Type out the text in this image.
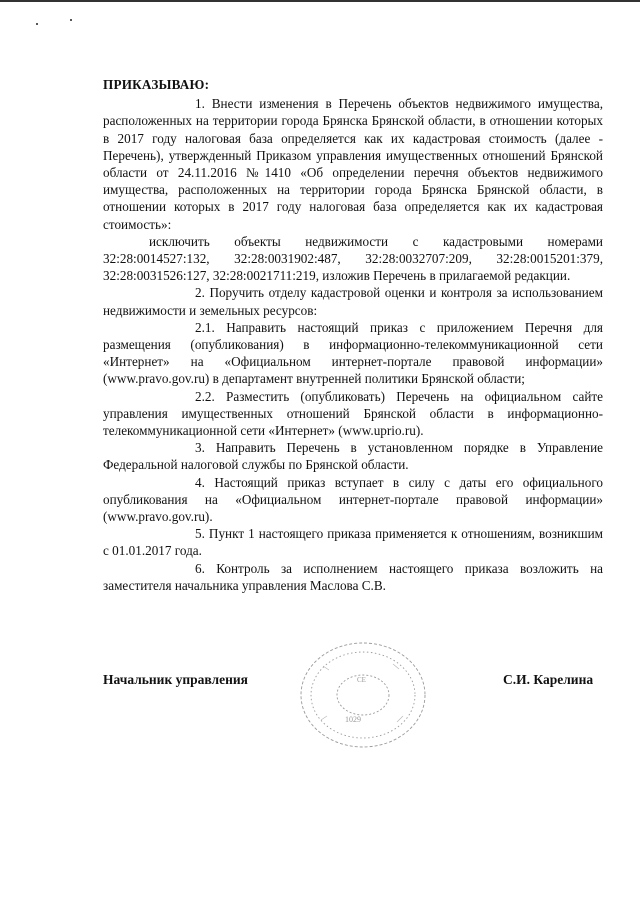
ПРИКАЗЫВАЮ:

1. Внести изменения в Перечень объектов недвижимого имущества, расположенных на территории города Брянска Брянской области, в отношении которых в 2017 году налоговая база определяется как их кадастровая стоимость (далее - Перечень), утвержденный Приказом управления имущественных отношений Брянской области от 24.11.2016 №1410 «Об определении перечня объектов недвижимого имущества, расположенных на территории города Брянска Брянской области, в отношении которых в 2017 году налоговая база определяется как их кадастровая стоимость»:

исключить объекты недвижимости с кадастровыми номерами 32:28:0014527:132, 32:28:0031902:487, 32:28:0032707:209, 32:28:0015201:379, 32:28:0031526:127, 32:28:0021711:219, изложив Перечень в прилагаемой редакции.

2. Поручить отделу кадастровой оценки и контроля за использованием недвижимости и земельных ресурсов:

2.1. Направить настоящий приказ с приложением Перечня для размещения (опубликования) в информационно-телекоммуникационной сети «Интернет» на «Официальном интернет-портале правовой информации» (www.pravo.gov.ru) в департамент внутренней политики Брянской области;

2.2. Разместить (опубликовать) Перечень на официальном сайте управления имущественных отношений Брянской области в информационно-телекоммуникационной сети «Интернет» (www.uprio.ru).

3. Направить Перечень в установленном порядке в Управление Федеральной налоговой службы по Брянской области.

4. Настоящий приказ вступает в силу с даты его официального опубликования на «Официальном интернет-портале правовой информации» (www.pravo.gov.ru).

5. Пункт 1 настоящего приказа применяется к отношениям, возникшим с 01.01.2017 года.

6. Контроль за исполнением настоящего приказа возложить на заместителя начальника управления Маслова С.В.

Начальник управления	CE
1029
С.И. Карелина
